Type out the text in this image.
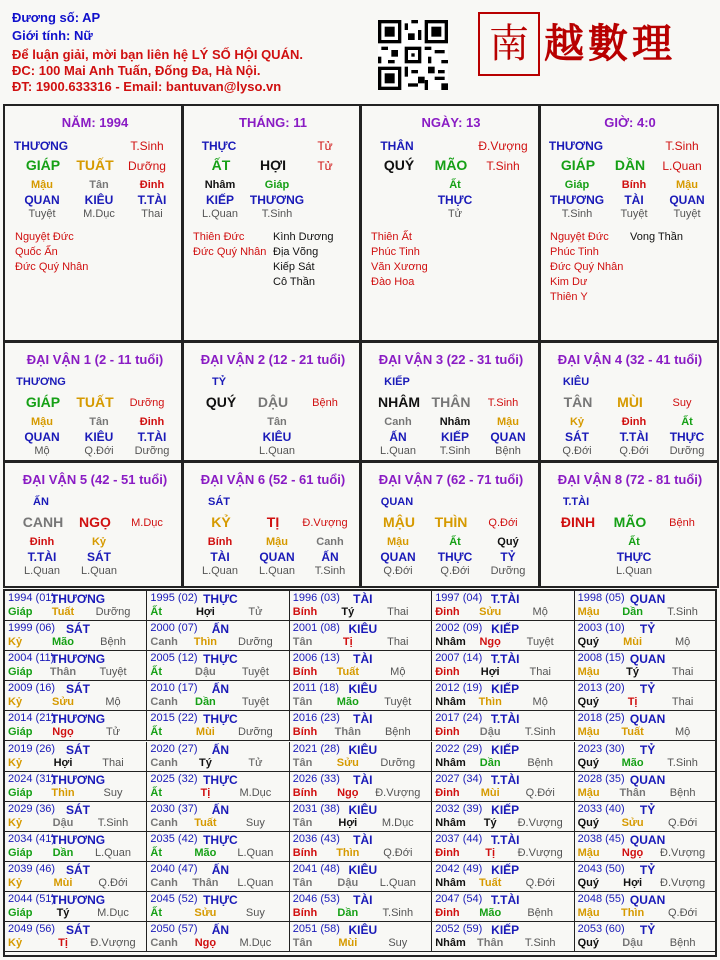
Đương số: AP
Giới tính: Nữ
Để luận giải, mời bạn liên hệ LÝ SỐ HỘI QUÁN.
ĐC: 100 Mai Anh Tuấn, Đống Đa, Hà Nội.
ĐT: 1900.633316 - Email: bantuvan@lyso.vn
南 越數理
NĂM: 1994
THƯƠNG	T.Sinh
GIÁP TUẤT Dưỡng
Mậu
QUAN
Tuyệt
Tân
KIÊU
M.Dục
Đinh
T.TÀI
Thai
Nguyệt Đức
Quốc Ấn
Đức Quý Nhân
THÁNG: 11
THỰC	Tử
ẤT HỢI	Tử
Nhâm
KIẾP
L.Quan
Giáp
THƯƠNG
T.Sinh
Thiên Đức
Đức Quý Nhân
Kình Dương
Địa Võng
Kiếp Sát
Cô Thần
NGÀY: 13
THÂN	Đ.Vượng
QUÝ MÃO T.Sinh
Ất
THỰC
Tử
Thiên Ất
Phúc Tinh
Văn Xương
Đào Hoa
GIỜ: 4:0
THƯƠNG	T.Sinh
GIÁP DẦN L.Quan
Giáp
THƯƠNG
T.Sinh
Bính
TÀI
Tuyệt
Mậu
QUAN
Tuyệt
Nguyệt Đức
Phúc Tinh
Đức Quý Nhân
Kim Dư
Thiên Y
Vong Thần
ĐẠI VẬN 1 (2 - 11 tuổi)
THƯƠNG
GIÁP TUẤT Dưỡng
Mậu
QUAN
Mộ
Tân
KIÊU
Q.Đới
Đinh
T.TÀI
Dưỡng
ĐẠI VẬN 2 (12 - 21 tuổi)
TỶ
QUÝ DẬU Bệnh
Tân
KIÊU
L.Quan
ĐẠI VẬN 3 (22 - 31 tuổi)
KIẾP
NHÂM THÂN T.Sinh
Canh
ẤN
L.Quan
Nhâm
KIẾP
T.Sinh
Mậu
QUAN
Bệnh
ĐẠI VẬN 4 (32 - 41 tuổi)
KIÊU
TÂN MÙI	Suy
Kỷ
SÁT
Q.Đới
Đinh
T.TÀI
Q.Đới
Ất
THỰC
Dưỡng
ĐẠI VẬN 5 (42 - 51 tuổi)
ẤN
CANH NGỌ M.Dục
Đinh
T.TÀI
L.Quan
Kỷ
SÁT
L.Quan
ĐẠI VẬN 6 (52 - 61 tuổi)
SÁT
KỶ	TỊ Đ.Vượng
Bính
TÀI
L.Quan
Mậu
QUAN
L.Quan
Canh
ẤN
T.Sinh
ĐẠI VẬN 7 (62 - 71 tuổi)
QUAN
MẬU THÌN Q.Đới
Mậu
QUAN
Q.Đới
Ất
THỰC
Q.Đới
Quý
TỶ
Dưỡng
ĐẠI VẬN 8 (72 - 81 tuổi)
T.TÀI
ĐINH MÃO Bệnh
Ất
THỰC
L.Quan
1994 (01)
THƯƠNG
Giáp Tuất Dưỡng
1995 (02) THỰC
Ất	Hợi	Tử
1996 (03) TÀI
Bính Tý	Thai
1997 (04) T.TÀI
Đinh Sửu	Mộ
1998 (05) QUAN
Mậu Dần T.Sinh
1999 (06) SÁT
Kỷ	Mão Bệnh
2000 (07) ẤN
Canh Thìn Dưỡng
2001 (08) KIÊU
Tân	Tị	Thai
2002 (09) KIẾP
Nhâm Ngọ Tuyệt
2003 (10) TỶ
Quý Mùi	Mộ
2004 (11)
THƯƠNG
Giáp Thân Tuyệt
2005 (12) THỰC
Ất	Dậu Tuyệt
2006 (13) TÀI
Bính Tuất	Mộ
2007 (14) T.TÀI
Đinh Hợi	Thai
2008 (15) QUAN
Mậu Tý	Thai
2009 (16) SÁT
Kỷ	Sửu	Mộ
2010 (17) ẤN
Canh Dần Tuyệt
2011 (18) KIÊU
Tân Mão Tuyệt
2012 (19) KIẾP
Nhâm Thìn	Mộ
2013 (20) TỶ
Quý	Tị	Thai
2014 (21)
THƯƠNG
Giáp Ngọ	Tử
2015 (22) THỰC
Ất	Mùi Dưỡng
2016 (23) TÀI
Bính Thân Bệnh
2017 (24) T.TÀI
Đinh Dậu T.Sinh
2018 (25) QUAN
Mậu Tuất	Mộ
2019 (26) SÁT
Kỷ	Hợi	Thai
2020 (27) ẤN
Canh Tý	Tử
2021 (28) KIÊU
Tân Sửu Dưỡng
2022 (29) KIẾP
Nhâm Dần Bệnh
2023 (30) TỶ
Quý Mão T.Sinh
2024 (31)
THƯƠNG
Giáp Thìn	Suy
2025 (32) THỰC
Ất	Tị	M.Dục
2026 (33) TÀI
Bính Ngọ Đ.Vượng
2027 (34) T.TÀI
Đinh Mùi Q.Đới
2028 (35) QUAN
Mậu Thân Bệnh
2029 (36) SÁT
Kỷ	Dậu T.Sinh
2030 (37) ẤN
Canh Tuất	Suy
2031 (38) KIÊU
Tân Hợi M.Dục
2032 (39) KIẾP
Nhâm Tý Đ.Vượng
2033 (40) TỶ
Quý Sửu Q.Đới
2034 (41)
THƯƠNG
Giáp Dần L.Quan
2035 (42) THỰC
Ất	Mão L.Quan
2036 (43) TÀI
Bính Thìn Q.Đới
2037 (44) T.TÀI
Đinh Tị Đ.Vượng
2038 (45) QUAN
Mậu Ngọ Đ.Vượng
2039 (46) SÁT
Kỷ	Mùi Q.Đới
2040 (47) ẤN
Canh Thân L.Quan
2041 (48) KIÊU
Tân Dậu L.Quan
2042 (49) KIẾP
Nhâm Tuất Q.Đới
2043 (50) TỶ
Quý Hợi Đ.Vượng
2044 (51)
THƯƠNG
Giáp Tý	M.Dục
2045 (52) THỰC
Ất	Sửu	Suy
2046 (53) TÀI
Bính Dần T.Sinh
2047 (54) T.TÀI
Đinh Mão Bệnh
2048 (55) QUAN
Mậu Thìn Q.Đới
2049 (56) SÁT
Kỷ	Tị Đ.Vượng
2050 (57) ẤN
Canh Ngọ M.Dục
2051 (58) KIÊU
Tân Mùi	Suy
2052 (59) KIẾP
Nhâm Thân T.Sinh
2053 (60) TỶ
Quý Dậu Bệnh
